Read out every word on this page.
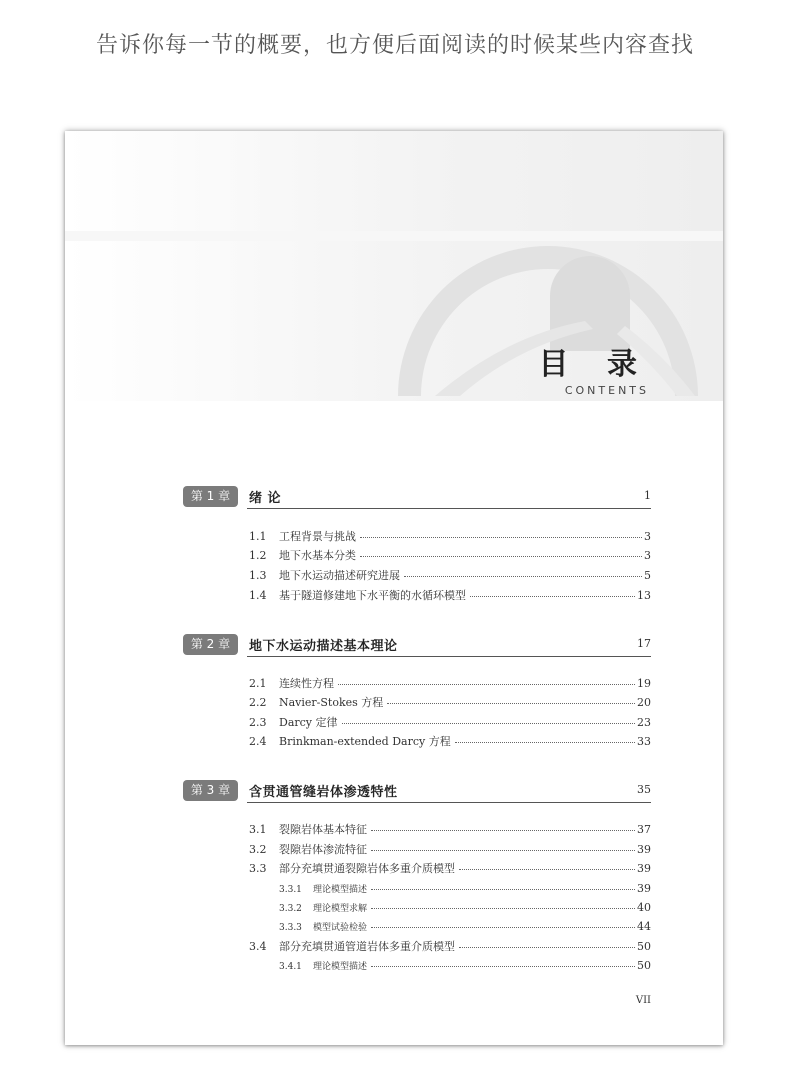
告诉你每一节的概要，也方便后面阅读的时候某些内容查找
目 录
CONTENTS
第 1 章	绪 论	1
1.1	工程背景与挑战	3
1.2	地下水基本分类	3
1.3	地下水运动描述研究进展	5
1.4	基于隧道修建地下水平衡的水循环模型	13
第 2 章	地下水运动描述基本理论	17
2.1	连续性方程	19
2.2	Navier-Stokes 方程	20
2.3	Darcy 定律	23
2.4	Brinkman-extended Darcy 方程	33
第 3 章	含贯通管缝岩体渗透特性	35
3.1	裂隙岩体基本特征	37
3.2	裂隙岩体渗流特征	39
3.3	部分充填贯通裂隙岩体多重介质模型	39
3.3.1	理论模型描述	39
3.3.2	理论模型求解	40
3.3.3	模型试验检验	44
3.4	部分充填贯通管道岩体多重介质模型	50
3.4.1	理论模型描述	50
VII
